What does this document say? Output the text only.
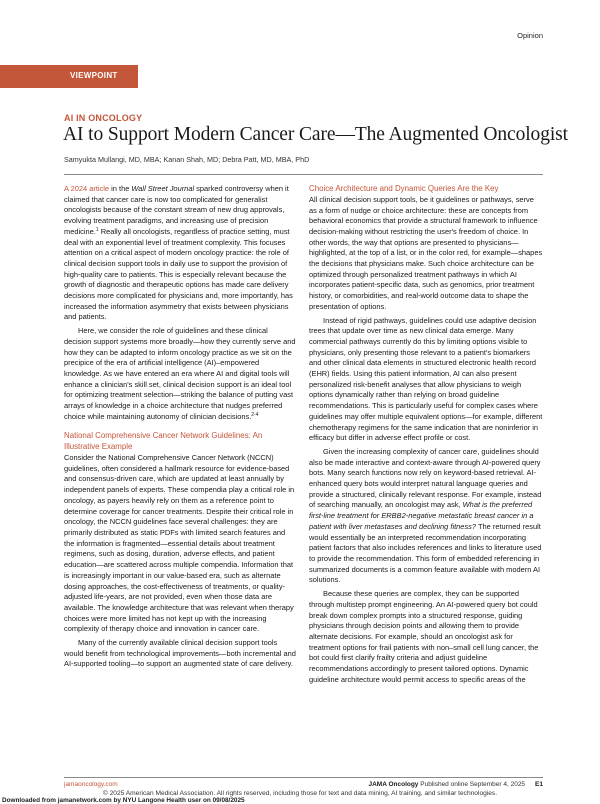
Opinion
VIEWPOINT
AI IN ONCOLOGY
AI to Support Modern Cancer Care—The Augmented Oncologist
Samyukta Mullangi, MD, MBA; Kanan Shah, MD; Debra Patt, MD, MBA, PhD

A 2024 article in the Wall Street Journal sparked controversy when it claimed that cancer care is now too complicated for generalist oncologists because of the constant stream of new drug approvals, evolving treatment paradigms, and increasing use of precision medicine.$^1$ Really all oncologists, regardless of practice setting, must deal with an exponential level of treatment complexity. This focuses attention on a critical aspect of modern oncology practice: the role of clinical decision support tools in daily use to support the provision of high-quality care to patients. This is especially relevant because the growth of diagnostic and therapeutic options has made care delivery decisions more complicated for physicians and, more importantly, has increased the information asymmetry that exists between physicians and patients.

Here, we consider the role of guidelines and these clinical decision support systems more broadly—how they currently serve and how they can be adapted to inform oncology practice as we sit on the precipice of the era of artificial intelligence (AI)–empowered knowledge. As we have entered an era where AI and digital tools will enhance a clinician's skill set, clinical decision support is an ideal tool for optimizing treatment selection—striking the balance of putting vast arrays of knowledge in a choice architecture that nudges preferred choice while maintaining autonomy of clinician decisions.$^{2-4}$

National Comprehensive Cancer Network Guidelines: An Illustrative Example

Consider the National Comprehensive Cancer Network (NCCN) guidelines, often considered a hallmark resource for evidence-based and consensus-driven care, which are updated at least annually by independent panels of experts. These compendia play a critical role in oncology, as payers heavily rely on them as a reference point to determine coverage for cancer treatments. Despite their critical role in oncology, the NCCN guidelines face several challenges: they are primarily distributed as static PDFs with limited search features and the information is fragmented—essential details about treatment regimens, such as dosing, duration, adverse effects, and patient education—are scattered across multiple compendia. Information that is increasingly important in our value-based era, such as alternate dosing approaches, the cost-effectiveness of treatments, or quality-adjusted life-years, are not provided, even when those data are available. The knowledge architecture that was relevant when therapy choices were more limited has not kept up with the increasing complexity of therapy choice and innovation in cancer care.

Many of the currently available clinical decision support tools would benefit from technological improvements—both incremental and AI-supported tooling—to support an augmented state of care delivery.

Choice Architecture and Dynamic Queries Are the Key

All clinical decision support tools, be it guidelines or pathways, serve as a form of nudge or choice architecture: these are concepts from behavioral economics that provide a structural framework to influence decision-making without restricting the user's freedom of choice. In other words, the way that options are presented to physicians—highlighted, at the top of a list, or in the color red, for example—shapes the decisions that physicians make. Such choice architecture can be optimized through personalized treatment pathways in which AI incorporates patient-specific data, such as genomics, prior treatment history, or comorbidities, and real-world outcome data to shape the presentation of options.

Instead of rigid pathways, guidelines could use adaptive decision trees that update over time as new clinical data emerge. Many commercial pathways currently do this by limiting options visible to physicians, only presenting those relevant to a patient's biomarkers and other clinical data elements in structured electronic health record (EHR) fields. Using this patient information, AI can also present personalized risk-benefit analyses that allow physicians to weigh options dynamically rather than relying on broad guideline recommendations. This is particularly useful for complex cases where guidelines may offer multiple equivalent options—for example, different chemotherapy regimens for the same indication that are noninferior in efficacy but differ in adverse effect profile or cost.

Given the increasing complexity of cancer care, guidelines should also be made interactive and context-aware through AI-powered query bots. Many search functions now rely on keyword-based retrieval. AI-enhanced query bots would interpret natural language queries and provide a structured, clinically relevant response. For example, instead of searching manually, an oncologist may ask, What is the preferred first-line treatment for ERBB2-negative metastatic breast cancer in a patient with liver metastases and declining fitness? The returned result would essentially be an interpreted recommendation incorporating patient factors that also includes references and links to literature used to provide the recommendation. This form of embedded referencing in summarized documents is a common feature available with modern AI solutions.

Because these queries are complex, they can be supported through multistep prompt engineering. An AI-powered query bot could break down complex prompts into a structured response, guiding physicians through decision points and allowing them to provide alternate decisions. For example, should an oncologist ask for treatment options for frail patients with non–small cell lung cancer, the bot could first clarify frailty criteria and adjust guideline recommendations accordingly to present tailored options. Dynamic guideline architecture would permit access to specific areas of the

jamaoncology.com	JAMA Oncology Published online September 4, 2025 E1
© 2025 American Medical Association. All rights reserved, including those for text and data mining, AI training, and similar technologies.
Downloaded from jamanetwork.com by NYU Langone Health user on 09/08/2025
